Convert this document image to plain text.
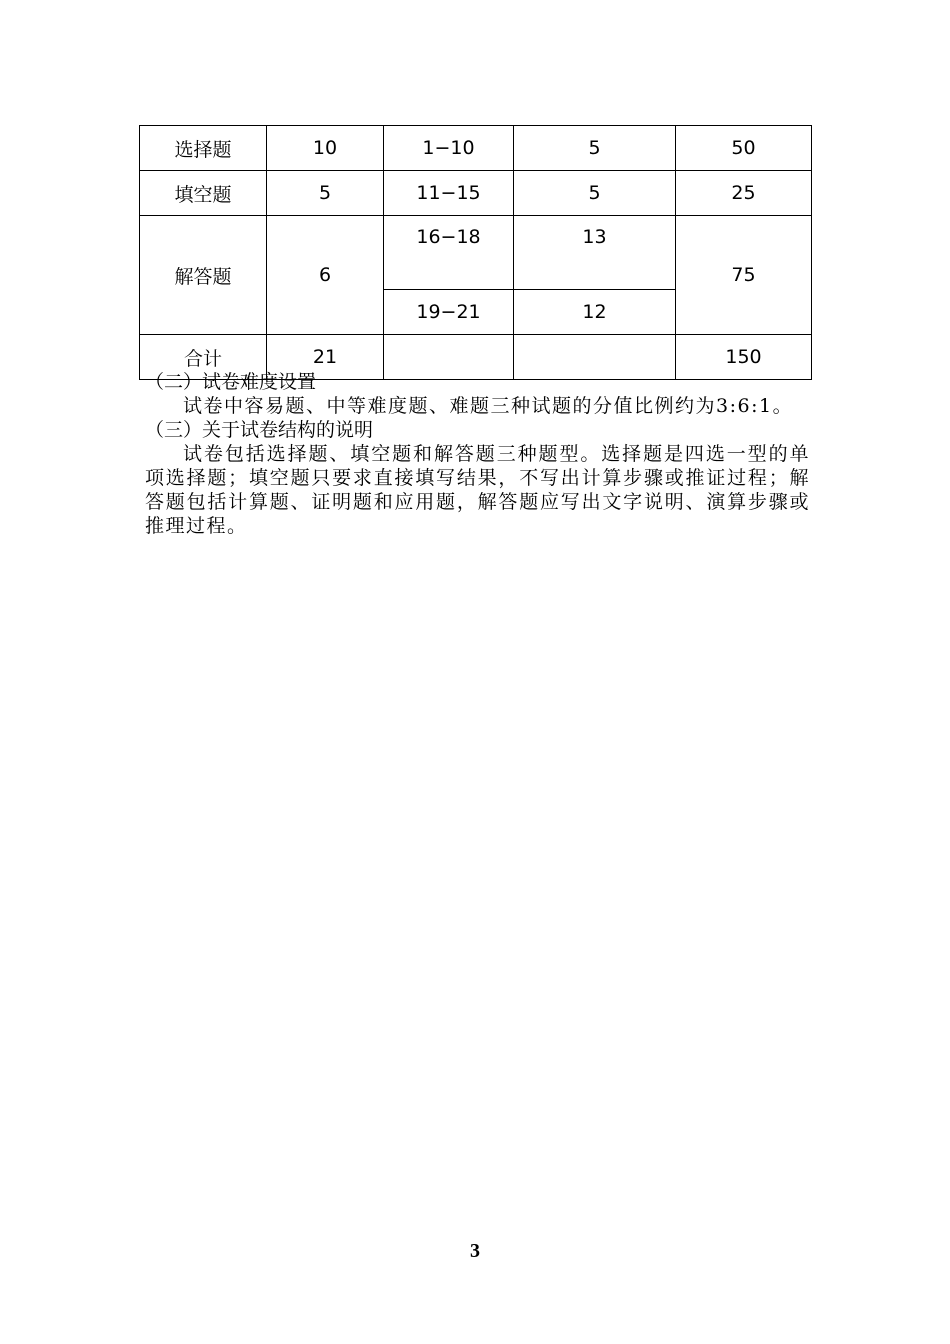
选择题	10	1−10	5	50
填空题	5	11−15	5	25
解答题	6	16−18	13	75
		19−21	12	
合计	21			150

（二）试卷难度设置

试卷中容易题、中等难度题、难题三种试题的分值比例约为3:6:1。

（三）关于试卷结构的说明

试卷包括选择题、填空题和解答题三种题型。选择题是四选一型的单项选择题；填空题只要求直接填写结果，不写出计算步骤或推证过程；解答题包括计算题、证明题和应用题，解答题应写出文字说明、演算步骤或推理过程。

3
